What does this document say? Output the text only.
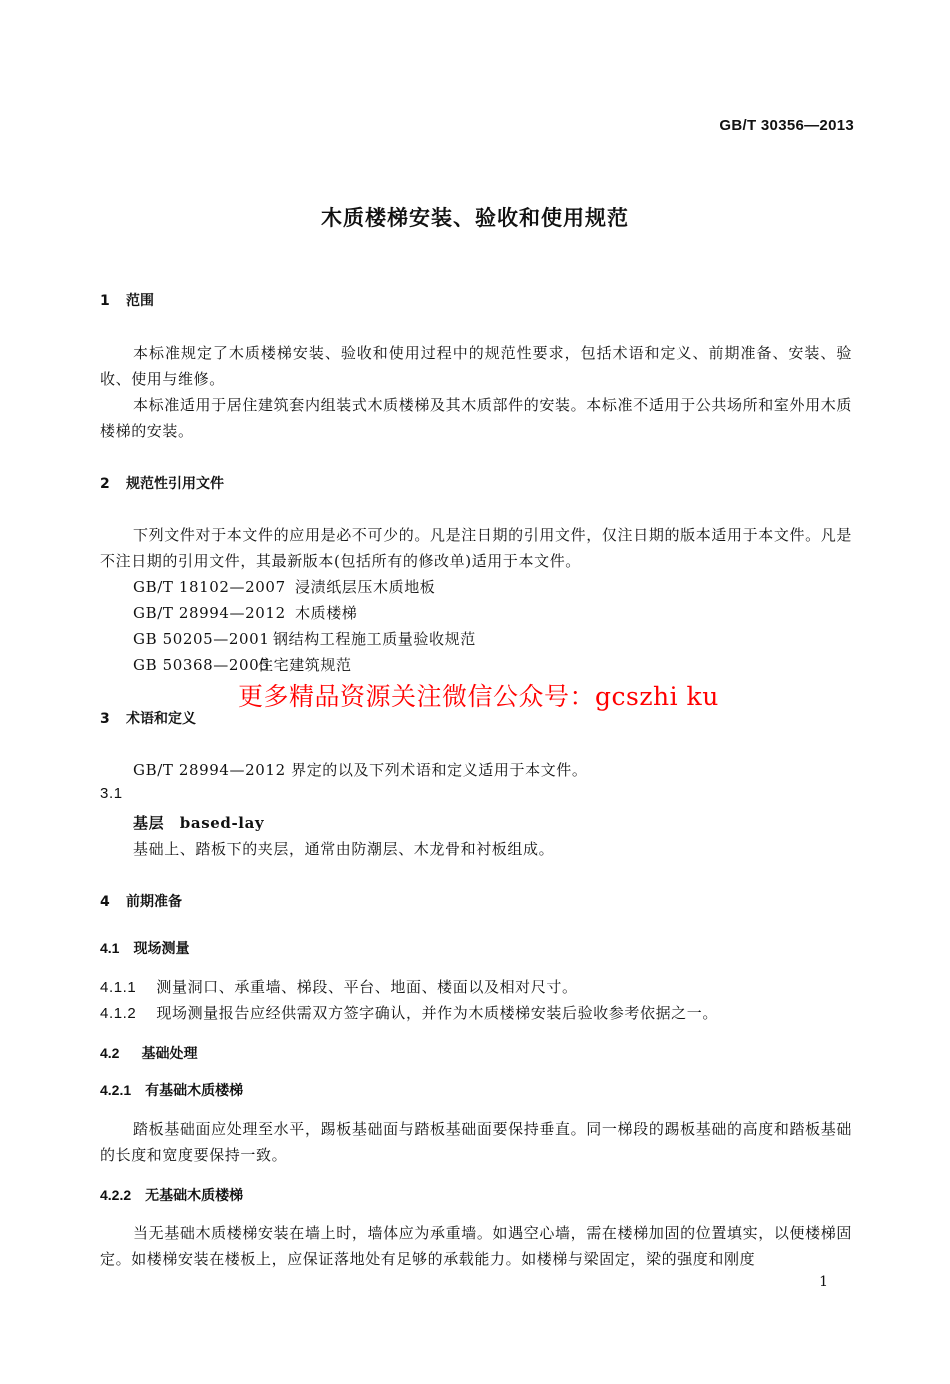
GB/T 30356—2013
木质楼梯安装、验收和使用规范
1 范围
本标准规定了木质楼梯安装、验收和使用过程中的规范性要求，包括术语和定义、前期准备、安装、验收、使用与维修。
本标准适用于居住建筑套内组装式木质楼梯及其木质部件的安装。本标准不适用于公共场所和室外用木质楼梯的安装。
2 规范性引用文件
下列文件对于本文件的应用是必不可少的。凡是注日期的引用文件，仅注日期的版本适用于本文件。凡是不注日期的引用文件，其最新版本(包括所有的修改单)适用于本文件。
GB/T 18102—2007 浸渍纸层压木质地板
GB/T 28994—2012 木质楼梯
GB 50205—2001 钢结构工程施工质量验收规范
GB 50368—2005住宅建筑规范
更多精品资源关注微信公众号：gcszhi ku
3 术语和定义
GB/T 28994—2012 界定的以及下列术语和定义适用于本文件。
3.1
基层　based-lay
基础上、踏板下的夹层，通常由防潮层、木龙骨和衬板组成。
4 前期准备
4.1 现场测量
4.1.1 测量洞口、承重墙、梯段、平台、地面、楼面以及相对尺寸。
4.1.2 现场测量报告应经供需双方签字确认，并作为木质楼梯安装后验收参考依据之一。
4.2 基础处理
4.2.1 有基础木质楼梯
踏板基础面应处理至水平，踢板基础面与踏板基础面要保持垂直。同一梯段的踢板基础的高度和踏板基础的长度和宽度要保持一致。
4.2.2 无基础木质楼梯
当无基础木质楼梯安装在墙上时，墙体应为承重墙。如遇空心墙，需在楼梯加固的位置填实，以便楼梯固定。如楼梯安装在楼板上，应保证落地处有足够的承载能力。如楼梯与梁固定，梁的强度和刚度
1
